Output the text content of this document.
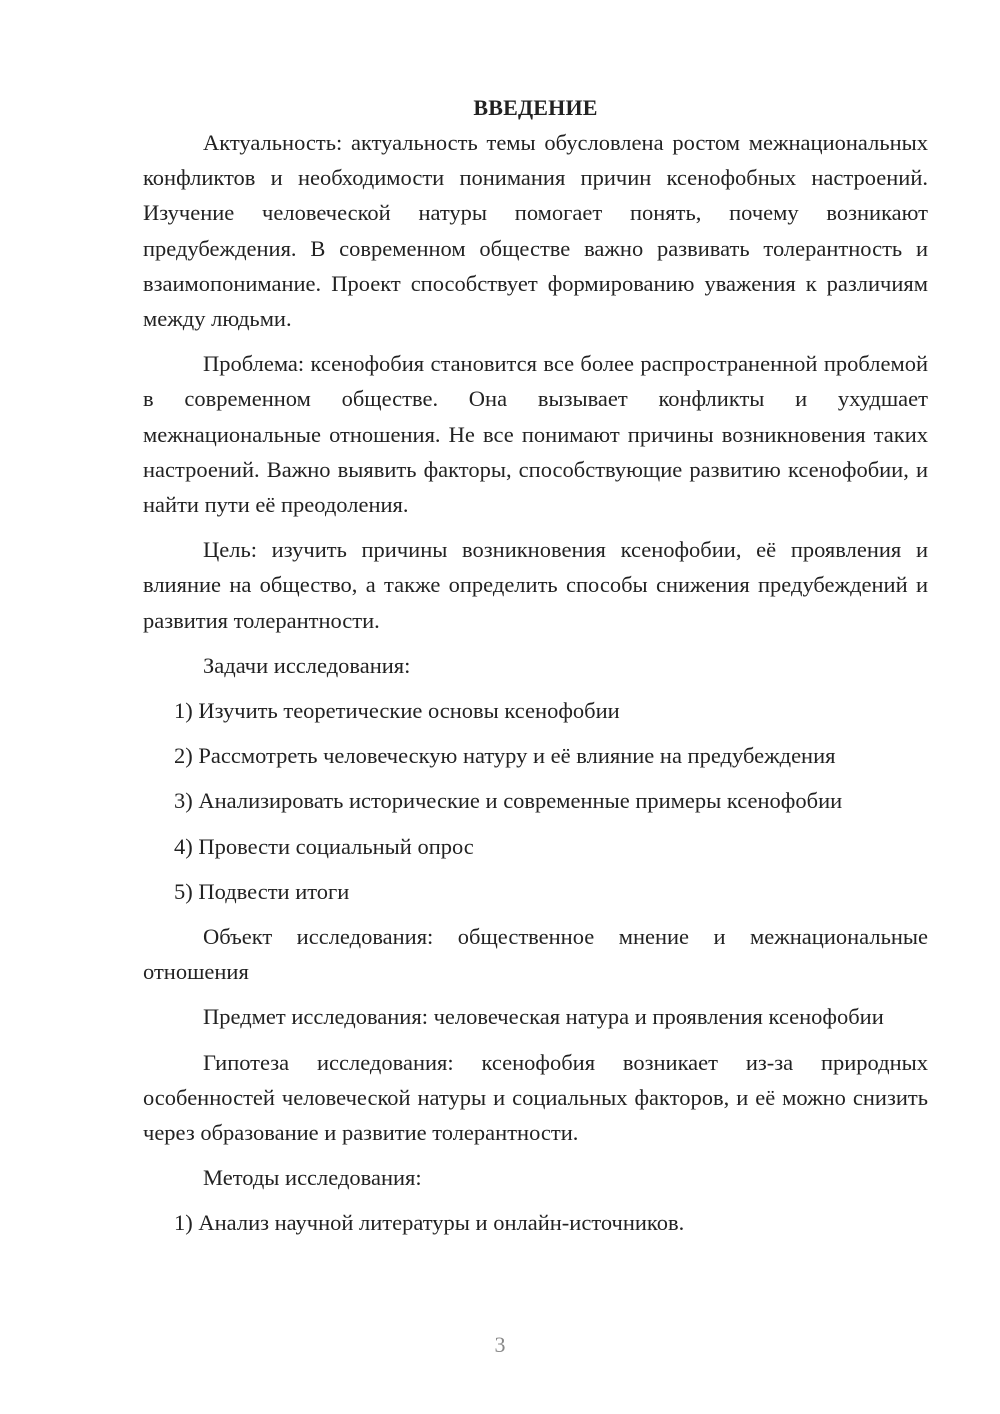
ВВЕДЕНИЕ

Актуальность: актуальность темы обусловлена ростом межнациональных конфликтов и необходимости понимания причин ксенофобных настроений. Изучение человеческой натуры помогает понять, почему возникают предубеждения. В современном обществе важно развивать толерантность и взаимопонимание. Проект способствует формированию уважения к различиям между людьми.

Проблема: ксенофобия становится все более распространенной проблемой в современном обществе. Она вызывает конфликты и ухудшает межнациональные отношения. Не все понимают причины возникновения таких настроений. Важно выявить факторы, способствующие развитию ксенофобии, и найти пути её преодоления.

Цель: изучить причины возникновения ксенофобии, её проявления и влияние на общество, а также определить способы снижения предубеждений и развития толерантности.

Задачи исследования:

1) Изучить теоретические основы ксенофобии

2) Рассмотреть человеческую натуру и её влияние на предубеждения

3) Анализировать исторические и современные примеры ксенофобии

4) Провести социальный опрос

5) Подвести итоги

Объект исследования: общественное мнение и межнациональные отношения

Предмет исследования: человеческая натура и проявления ксенофобии

Гипотеза исследования: ксенофобия возникает из-за природных особенностей человеческой натуры и социальных факторов, и её можно снизить через образование и развитие толерантности.

Методы исследования:

1) Анализ научной литературы и онлайн-источников.

3
